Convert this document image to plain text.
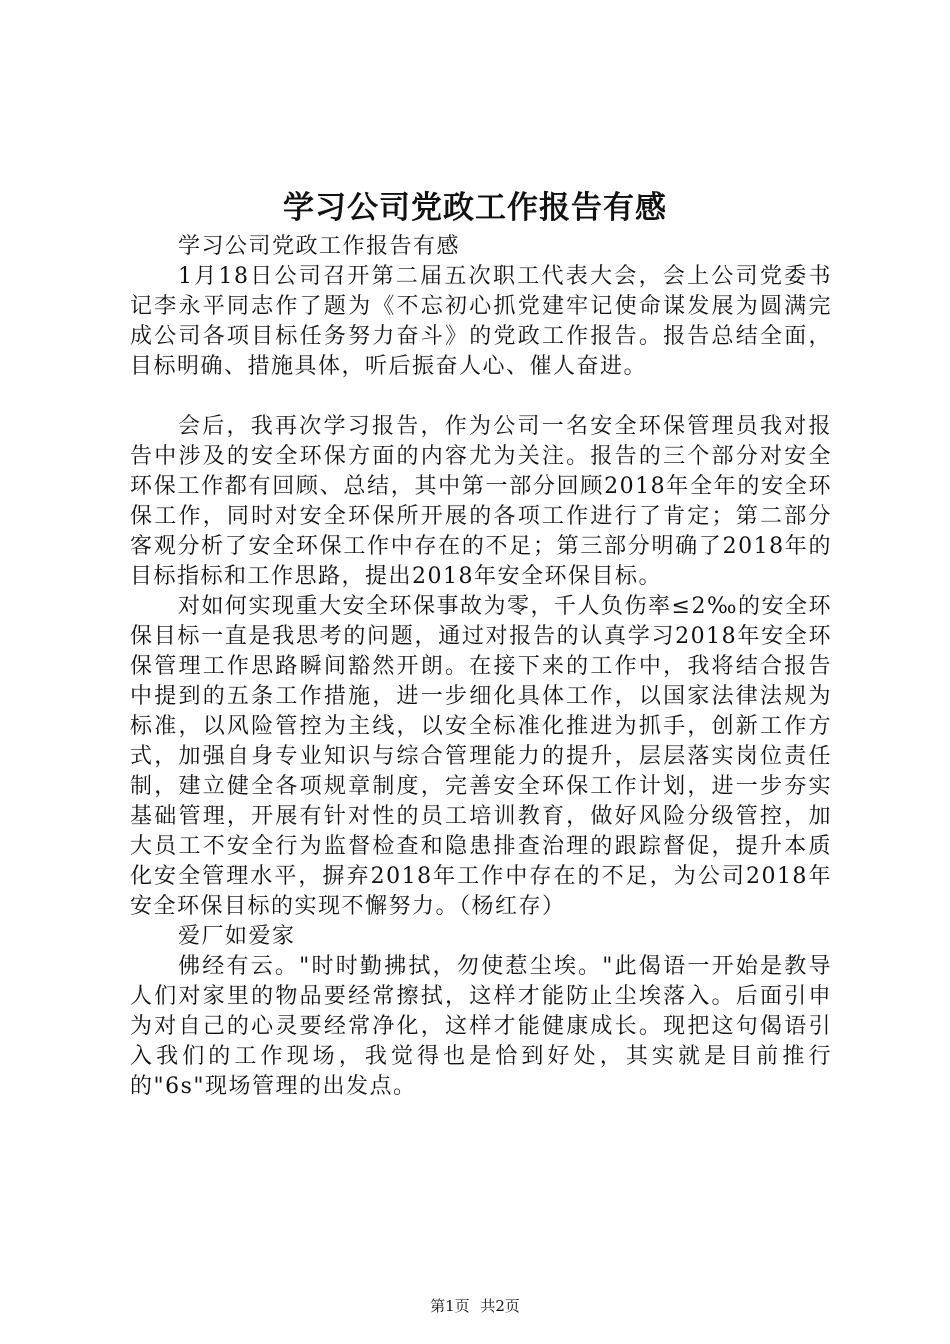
学习公司党政工作报告有感

学习公司党政工作报告有感

1月18日公司召开第二届五次职工代表大会，会上公司党委书记李永平同志作了题为《不忘初心抓党建牢记使命谋发展为圆满完成公司各项目标任务努力奋斗》的党政工作报告。报告总结全面，目标明确、措施具体，听后振奋人心、催人奋进。

会后，我再次学习报告，作为公司一名安全环保管理员我对报告中涉及的安全环保方面的内容尤为关注。报告的三个部分对安全环保工作都有回顾、总结，其中第一部分回顾2018年全年的安全环保工作，同时对安全环保所开展的各项工作进行了肯定；第二部分客观分析了安全环保工作中存在的不足；第三部分明确了2018年的目标指标和工作思路，提出2018年安全环保目标。

对如何实现重大安全环保事故为零，千人负伤率≤2‰的安全环保目标一直是我思考的问题，通过对报告的认真学习2018年安全环保管理工作思路瞬间豁然开朗。在接下来的工作中，我将结合报告中提到的五条工作措施，进一步细化具体工作，以国家法律法规为标准，以风险管控为主线，以安全标准化推进为抓手，创新工作方式，加强自身专业知识与综合管理能力的提升，层层落实岗位责任制，建立健全各项规章制度，完善安全环保工作计划，进一步夯实基础管理，开展有针对性的员工培训教育，做好风险分级管控，加大员工不安全行为监督检查和隐患排查治理的跟踪督促，提升本质化安全管理水平，摒弃2018年工作中存在的不足，为公司2018年安全环保目标的实现不懈努力。（杨红存）

爱厂如爱家

佛经有云。"时时勤拂拭，勿使惹尘埃。"此偈语一开始是教导人们对家里的物品要经常擦拭，这样才能防止尘埃落入。后面引申为对自己的心灵要经常净化，这样才能健康成长。现把这句偈语引入我们的工作现场，我觉得也是恰到好处，其实就是目前推行的"6s"现场管理的出发点。

第1页 共2页
